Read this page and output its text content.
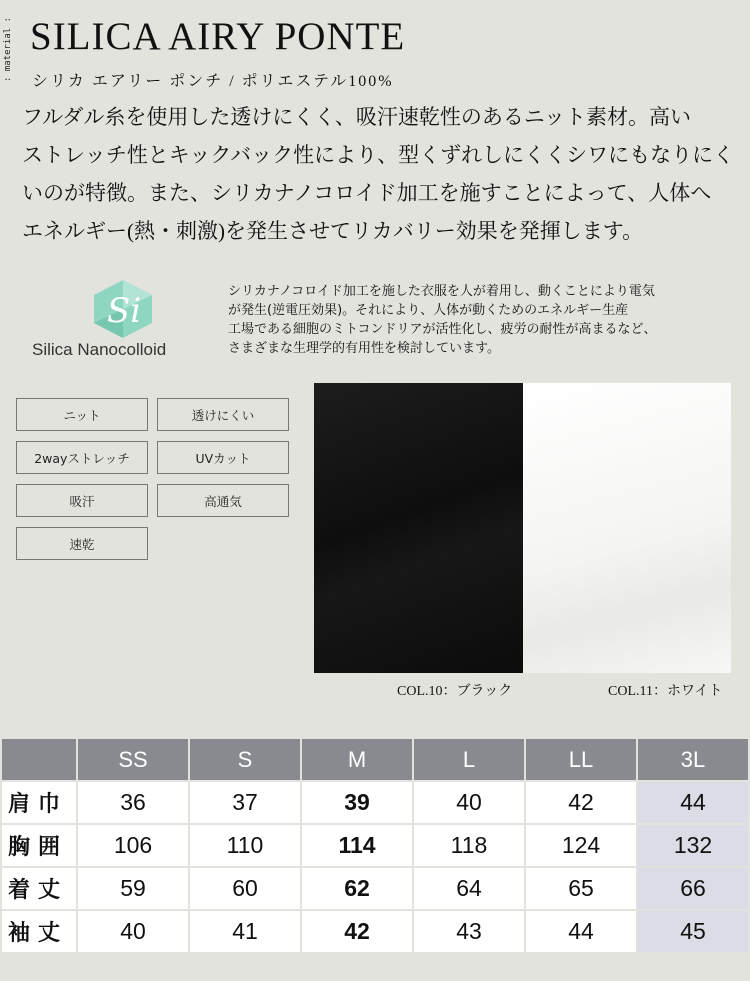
: material : SILICA AIRY PONTE
シリカ エアリー ポンチ / ポリエステル100%
フルダル糸を使用した透けにくく、吸汗速乾性のあるニット素材。高い
ストレッチ性とキックバック性により、型くずれしにくくシワにもなりにく
いのが特徴。また、シリカナノコロイド加工を施すことによって、人体へ
エネルギー(熱・刺激)を発生させてリカバリー効果を発揮します。
Si
Silica Nanocolloid
シリカナノコロイド加工を施した衣服を人が着用し、動くことにより電気
が発生(逆電圧効果)。それにより、人体が動くためのエネルギー生産
工場である細胞のミトコンドリアが活性化し、疲労の耐性が高まるなど、
さまざまな生理学的有用性を検討しています。
ニット	透けにくい
2wayストレッチ	UVカット
吸汗	高通気
速乾
COL.10：ブラック	COL.11：ホワイト
	SS	S	M	L	LL	3L
肩巾	36	37	39	40	42	44
胸囲	106	110	114	118	124	132
着丈	59	60	62	64	65	66
袖丈	40	41	42	43	44	45
